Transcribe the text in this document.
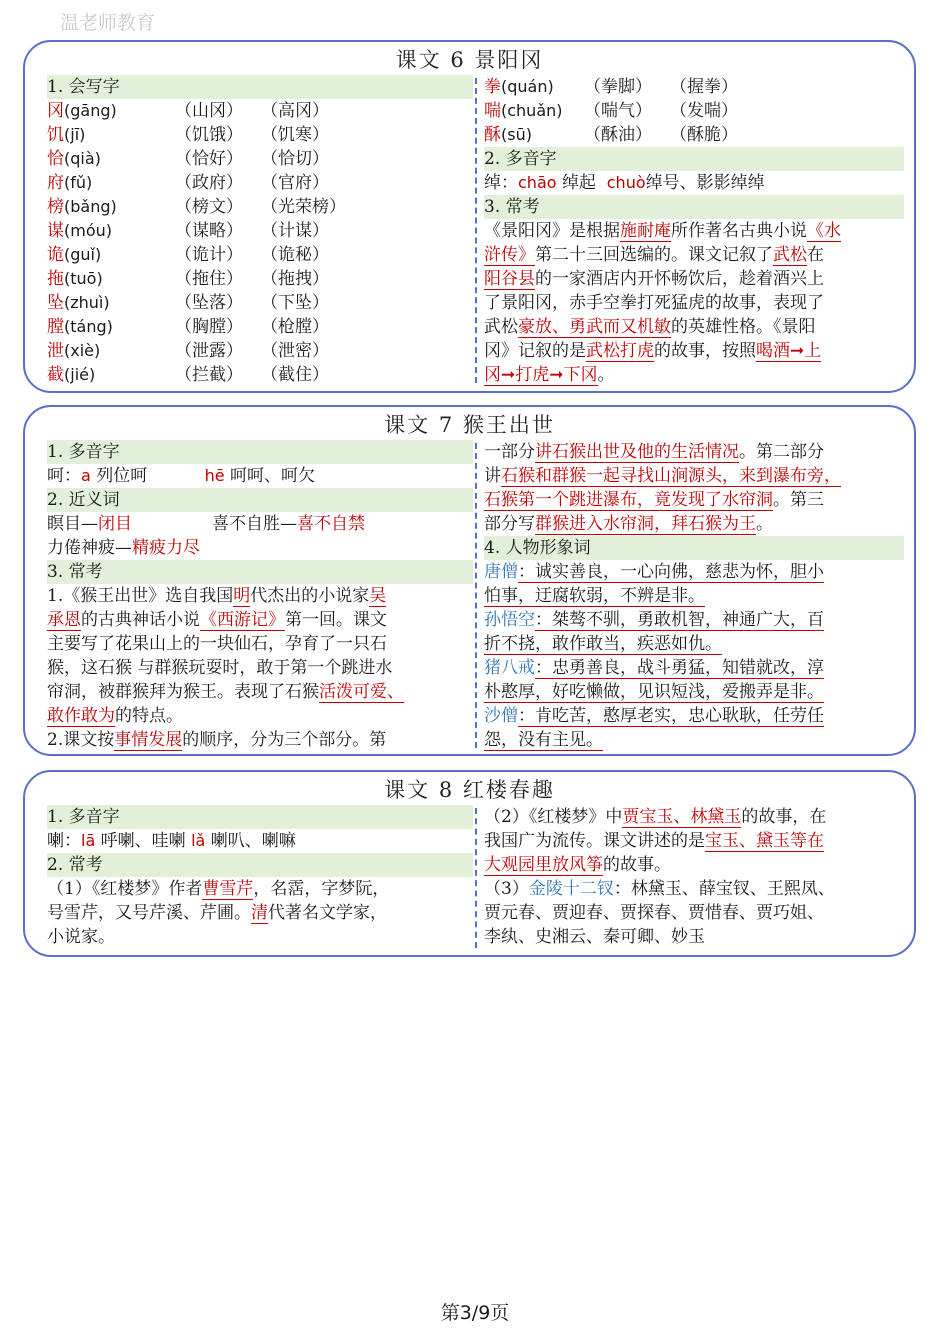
温老师教育
课文 6 景阳冈
1. 会写字
冈(gāng)	（山冈） （高冈）
饥(jī)	（饥饿） （饥寒）
恰(qià)	（恰好） （恰切）
府(fǔ)	（政府） （官府）
榜(bǎng)	（榜文） （光荣榜）
谋(móu)	（谋略） （计谋）
诡(guǐ)	（诡计） （诡秘）
拖(tuō)	（拖住） （拖拽）
坠(zhuì)	（坠落） （下坠）
膛(táng)	（胸膛） （枪膛）
泄(xiè)	（泄露） （泄密）
截(jié)	（拦截） （截住）
拳(quán) （拳脚） （握拳）
喘(chuǎn) （喘气） （发喘）
酥(sū)	（酥油） （酥脆）
2. 多音字
绰：chāo 绰起 chuò绰号、影影绰绰
3. 常考
《景阳冈》是根据施耐庵所作著名古典小说《水
浒传》第二十三回选编的。课文记叙了武松在
阳谷县的一家酒店内开怀畅饮后，趁着酒兴上
了景阳冈，赤手空拳打死猛虎的故事，表现了
武松豪放、勇武而又机敏的英雄性格。《景阳
冈》记叙的是武松打虎的故事，按照喝酒➞上
冈➞打虎➞下冈。
课文 7 猴王出世
1. 多音字
呵：a 列位呵	hē 呵呵、呵欠
2. 近义词
瞑目—闭目	喜不自胜—喜不自禁
力倦神疲—精疲力尽
3. 常考
1.《猴王出世》选自我国明代杰出的小说家吴
承恩的古典神话小说《西游记》第一回。课文
主要写了花果山上的一块仙石，孕育了一只石
猴，这石猴 与群猴玩耍时，敢于第一个跳进水
帘洞，被群猴拜为猴王。表现了石猴活泼可爱、
敢作敢为的特点。
2.课文按事情发展的顺序，分为三个部分。第
一部分讲石猴出世及他的生活情况。第二部分
讲石猴和群猴一起寻找山涧源头，来到瀑布旁，
石猴第一个跳进瀑布，竟发现了水帘洞。第三
部分写群猴进入水帘洞，拜石猴为王。
4. 人物形象词
唐僧：诚实善良，一心向佛，慈悲为怀，胆小
怕事，迂腐软弱，不辨是非。
孙悟空：桀骜不驯，勇敢机智，神通广大，百
折不挠，敢作敢当，疾恶如仇。
猪八戒：忠勇善良，战斗勇猛，知错就改，淳
朴憨厚，好吃懒做，见识短浅，爱搬弄是非。
沙僧：肯吃苦，憨厚老实，忠心耿耿，任劳任
怨，没有主见。
课文 8 红楼春趣
1. 多音字
喇：lā 呼喇、哇喇 lǎ 喇叭、喇嘛
2. 常考
（1）《红楼梦》作者曹雪芹，名霑，字梦阮，
号雪芹，又号芹溪、芹圃。清代著名文学家，
小说家。
（2）《红楼梦》中贾宝玉、林黛玉的故事，在
我国广为流传。课文讲述的是宝玉、黛玉等在
大观园里放风筝的故事。
（3）金陵十二钗：林黛玉、薛宝钗、王熙凤、
贾元春、贾迎春、贾探春、贾惜春、贾巧姐、
李纨、史湘云、秦可卿、妙玉
第3/9页
